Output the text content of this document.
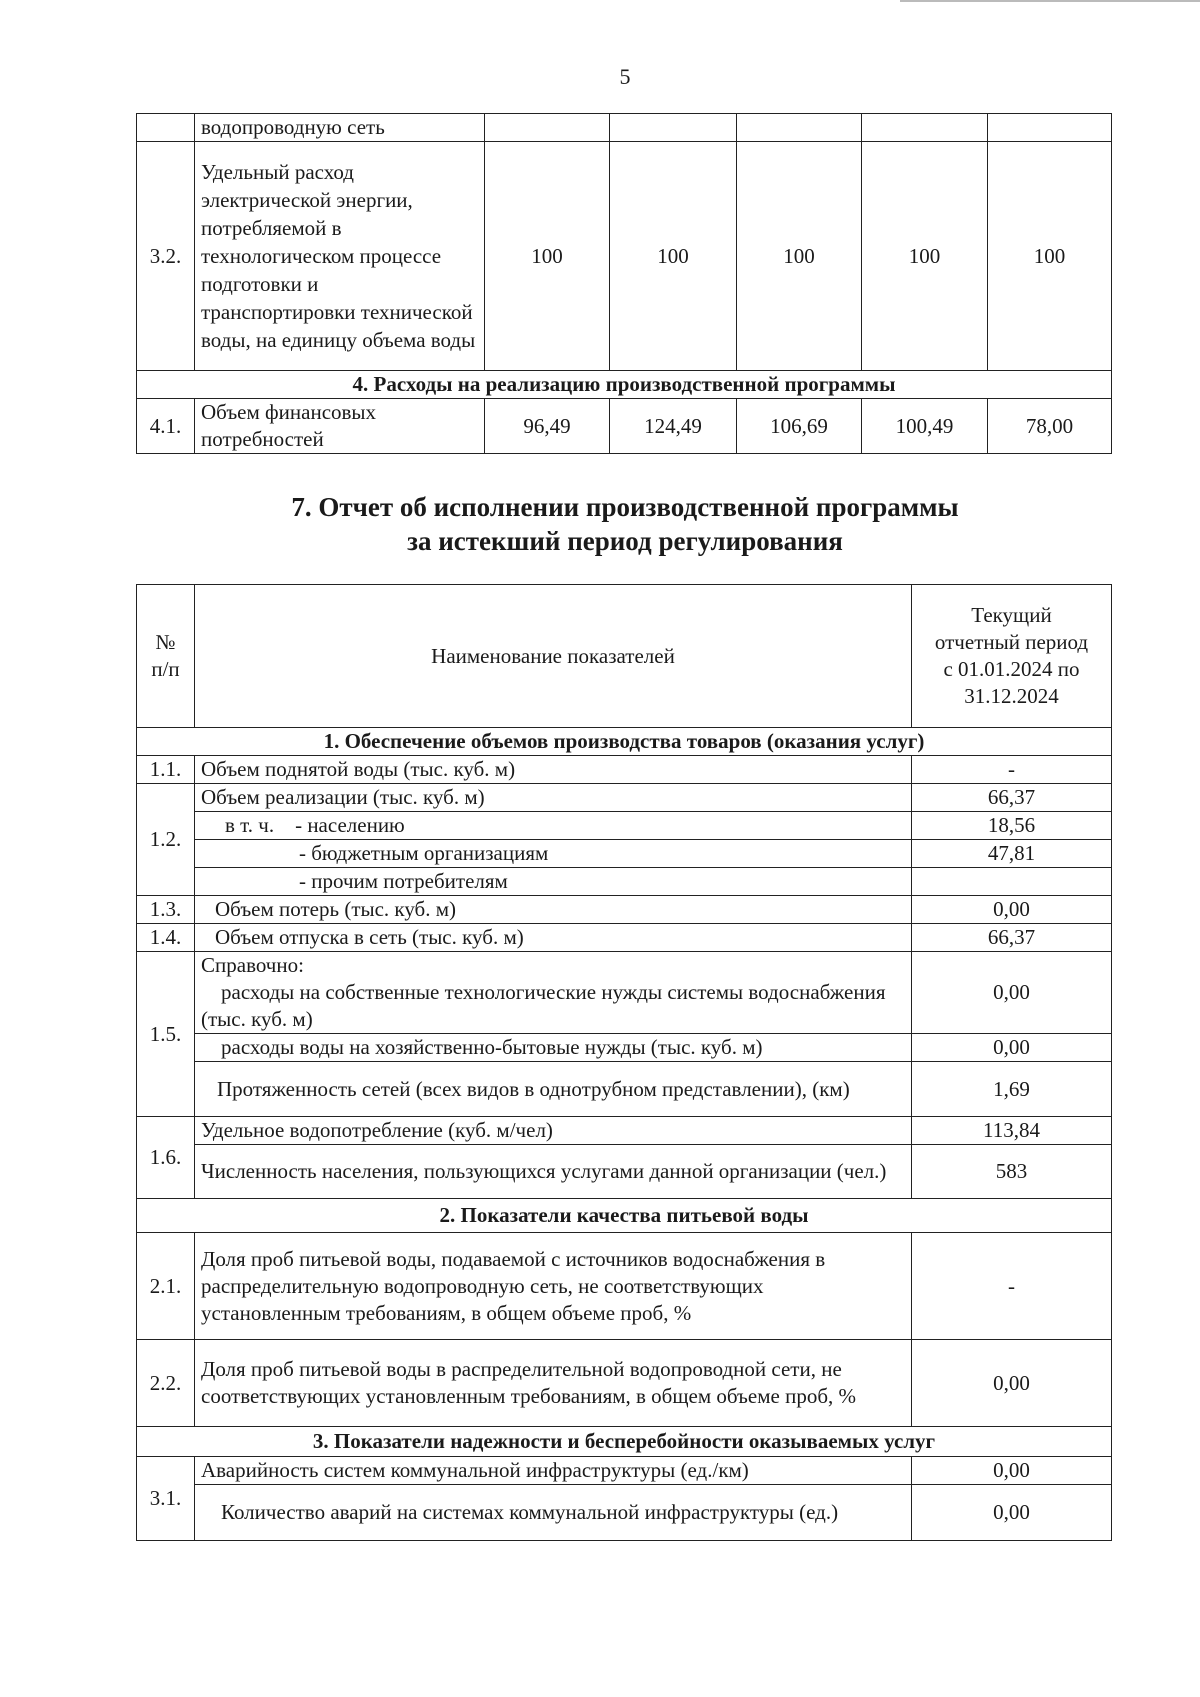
5
	водопроводную сеть					
3.2.	Удельный расход электрической энергии, потребляемой в технологическом процессе подготовки и транспортировки технической воды, на единицу объема воды	100	100	100	100	100
4. Расходы на реализацию производственной программы						
4.1.	Объем финансовых потребностей	96,49	124,49	106,69	100,49	78,00
7. Отчет об исполнении производственной программы
за истекший период регулирования
№ п/п	Наименование показателей	Текущий отчетный период с 01.01.2024 по 31.12.2024
1. Обеспечение объемов производства товаров (оказания услуг)		
1.1.	Объем поднятой воды (тыс. куб. м)	-
1.2.	Объем реализации (тыс. куб. м)	66,37
	в т. ч.    - населению	18,56
	- бюджетным организациям	47,81
	- прочим потребителям	
1.3.	Объем потерь (тыс. куб. м)	0,00
1.4.	Объем отпуска в сеть (тыс. куб. м)	66,37
1.5.	Справочно:
расходы на собственные технологические нужды системы водоснабжения (тыс. куб. м)	0,00
	расходы воды на хозяйственно-бытовые нужды (тыс. куб. м)	0,00
	Протяженность сетей (всех видов в однотрубном представлении), (км)	1,69
1.6.	Удельное водопотребление (куб. м/чел)	113,84
	Численность населения, пользующихся услугами данной организации (чел.)	583
2. Показатели качества питьевой воды		
2.1.	Доля проб питьевой воды, подаваемой с источников водоснабжения в распределительную водопроводную сеть, не соответствующих установленным требованиям, в общем объеме проб, %	-
2.2.	Доля проб питьевой воды в распределительной водопроводной сети, не соответствующих установленным требованиям, в общем объеме проб, %	0,00
3. Показатели надежности и бесперебойности оказываемых услуг		
3.1.	Аварийность систем коммунальной инфраструктуры (ед./км)	0,00
	Количество аварий на системах коммунальной инфраструктуры (ед.)	0,00
